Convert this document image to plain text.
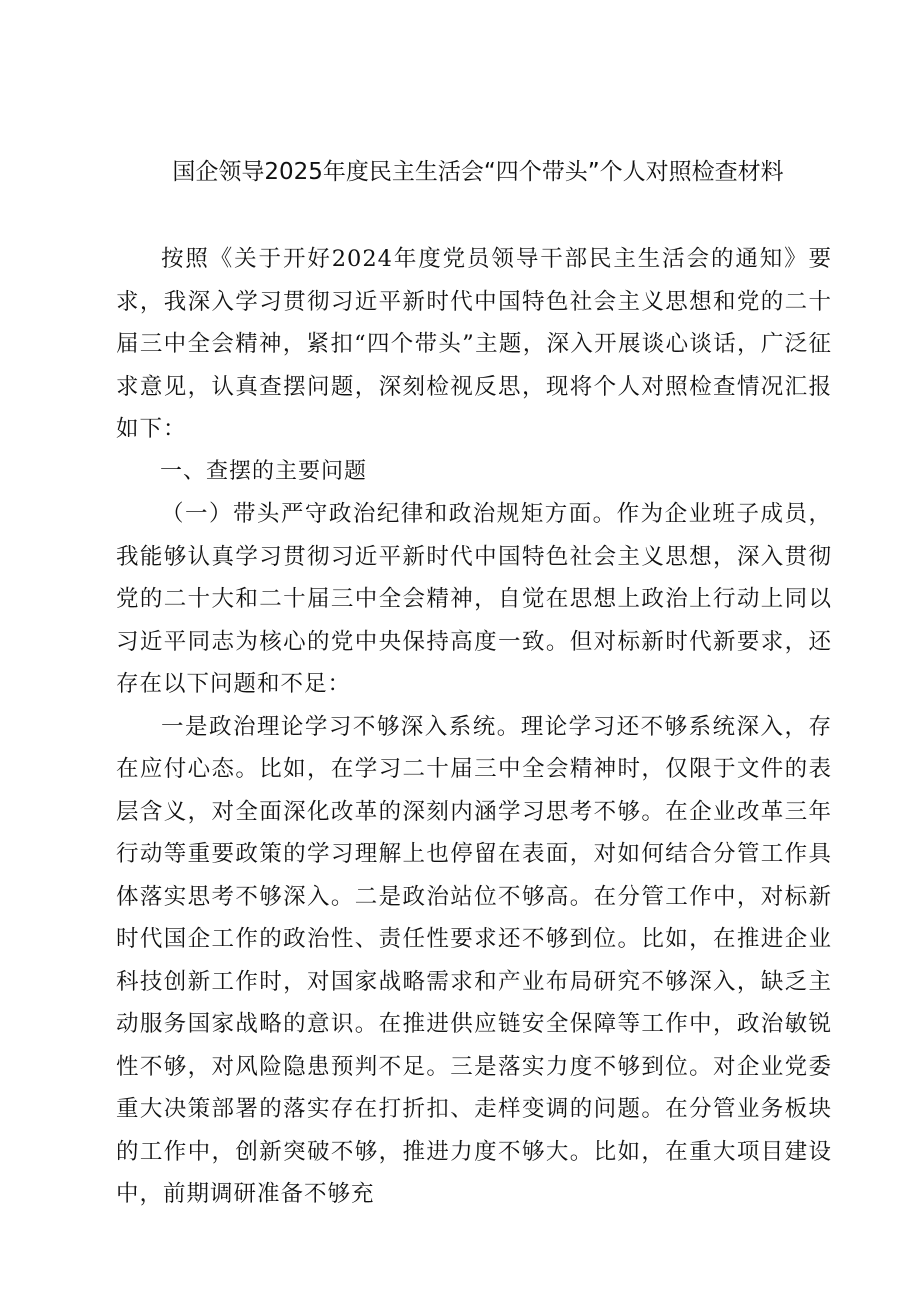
国企领导2025年度民主生活会“四个带头”个人对照检查材料

按照《关于开好2024年度党员领导干部民主生活会的通知》要求，我深入学习贯彻习近平新时代中国特色社会主义思想和党的二十届三中全会精神，紧扣“四个带头”主题，深入开展谈心谈话，广泛征求意见，认真查摆问题，深刻检视反思，现将个人对照检查情况汇报如下：

一、查摆的主要问题

（一）带头严守政治纪律和政治规矩方面。作为企业班子成员，我能够认真学习贯彻习近平新时代中国特色社会主义思想，深入贯彻党的二十大和二十届三中全会精神，自觉在思想上政治上行动上同以习近平同志为核心的党中央保持高度一致。但对标新时代新要求，还存在以下问题和不足：

一是政治理论学习不够深入系统。理论学习还不够系统深入，存在应付心态。比如，在学习二十届三中全会精神时，仅限于文件的表层含义，对全面深化改革的深刻内涵学习思考不够。在企业改革三年行动等重要政策的学习理解上也停留在表面，对如何结合分管工作具体落实思考不够深入。二是政治站位不够高。在分管工作中，对标新时代国企工作的政治性、责任性要求还不够到位。比如，在推进企业科技创新工作时，对国家战略需求和产业布局研究不够深入，缺乏主动服务国家战略的意识。在推进供应链安全保障等工作中，政治敏锐性不够，对风险隐患预判不足。三是落实力度不够到位。对企业党委重大决策部署的落实存在打折扣、走样变调的问题。在分管业务板块的工作中，创新突破不够，推进力度不够大。比如，在重大项目建设中，前期调研准备不够充
